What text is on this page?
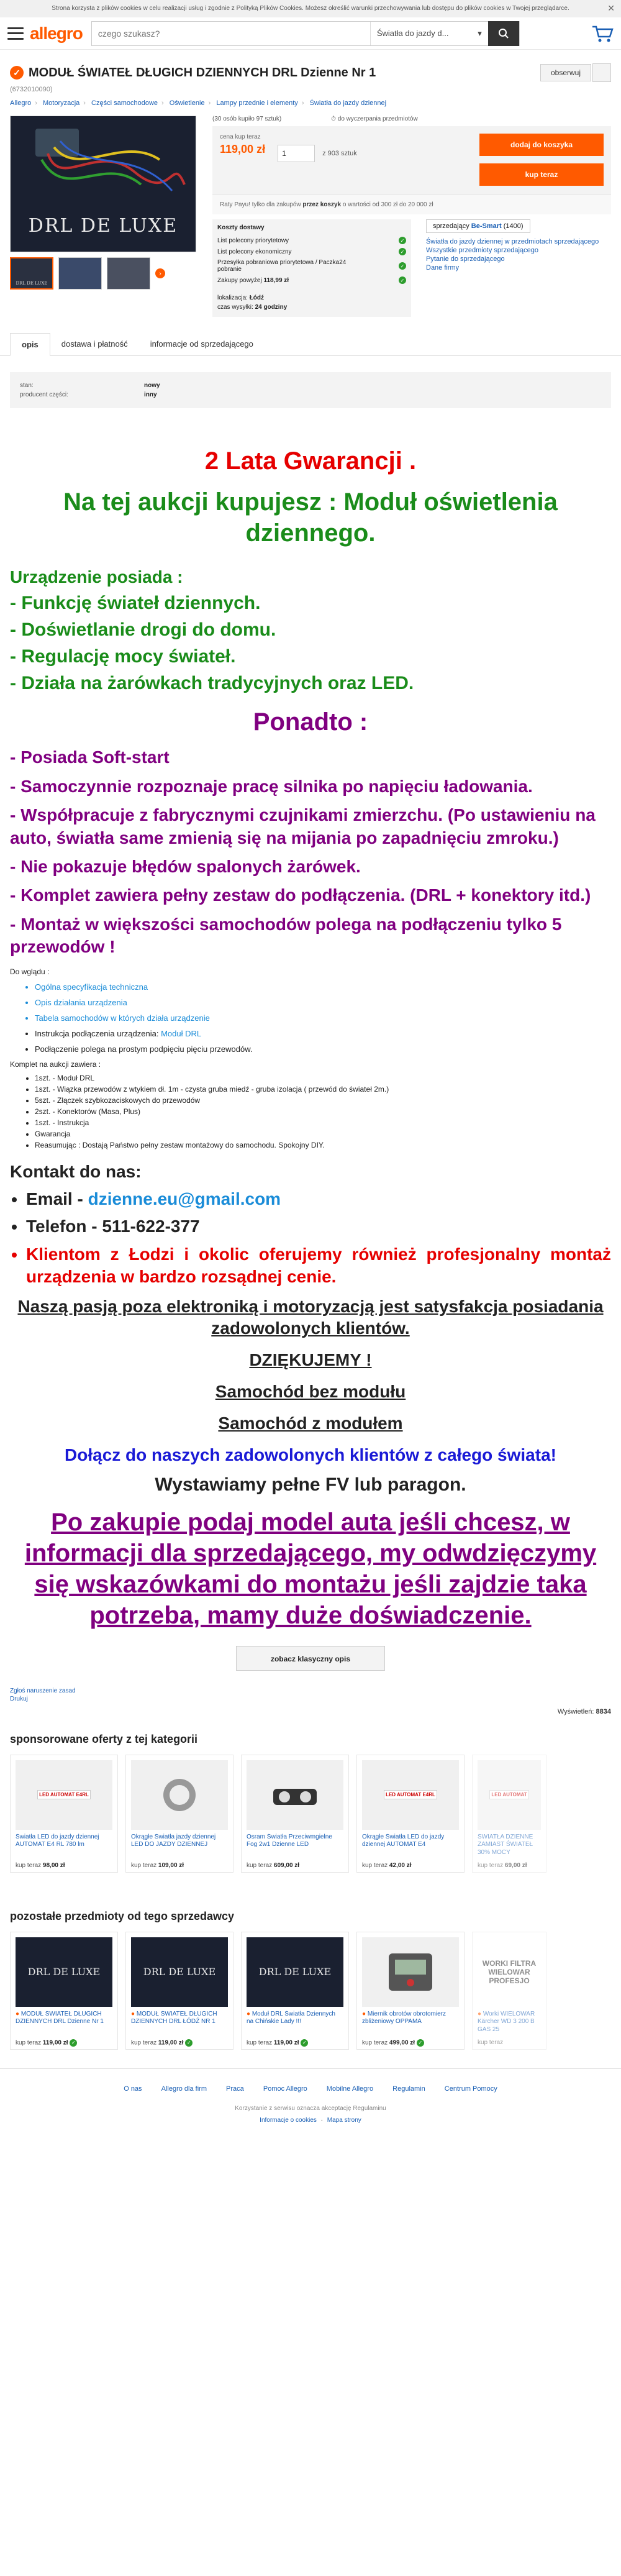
Strona korzysta z plików cookies w celu realizacji usług i zgodnie z Polityką Plików Cookies. Możesz określić warunki przechowywania lub dostępu do plików cookies w Twojej przeglądarce.	✕
allegro
czego szukasz?	Światła do jazdy d...	▾
✓ MODUŁ ŚWIATEŁ DŁUGICH DZIENNYCH DRL Dzienne Nr 1	obserwuj
(6732010090)
Allegro › Motoryzacja › Części samochodowe › Oświetlenie › Lampy przednie i elementy › Światła do jazdy dziennej
DRL DE LUXE
DRL DE LUXE
›
(30 osób kupiło 97 sztuk)	⏱ do wyczerpania przedmiotów
cena kup teraz
119,00 zł	1	z 903 sztuk
dodaj do koszyka
kup teraz
Raty Payu! tylko dla zakupów przez koszyk o wartości od 300 zł do 20 000 zł
Koszty dostawy
List polecony priorytetowy	✓
List polecony ekonomiczny	✓
Przesyłka pobraniowa priorytetowa / Paczka24 pobranie	✓
Zakupy powyżej 118,99 zł	✓
lokalizacja: Łódź
czas wysyłki: 24 godziny
sprzedający Be-Smart (1400)
Światła do jazdy dziennej w przedmiotach sprzedającego
Wszystkie przedmioty sprzedającego
Pytanie do sprzedającego
Dane firmy
opis	dostawa i płatność	informacje od sprzedającego
stan:	nowy
producent części:	inny
2 Lata Gwarancji .
Na tej aukcji kupujesz : Moduł oświetlenia dziennego.
Urządzenie posiada :
- Funkcję świateł dziennych.
- Doświetlanie drogi do domu.
- Regulację mocy świateł.
- Działa na żarówkach tradycyjnych oraz LED.
Ponadto :
- Posiada Soft-start
- Samoczynnie rozpoznaje pracę silnika po napięciu ładowania.
- Współpracuje z fabrycznymi czujnikami zmierzchu. (Po ustawieniu na auto, światła same zmienią się na mijania po zapadnięciu zmroku.)
- Nie pokazuje błędów spalonych żarówek.
- Komplet zawiera pełny zestaw do podłączenia. (DRL + konektory itd.)
- Montaż w większości samochodów polega na podłączeniu tylko 5 przewodów !
Do wglądu :
• Ogólna specyfikacja techniczna
• Opis działania urządzenia
• Tabela samochodów w których działa urządzenie
• Instrukcja podłączenia urządzenia: Moduł DRL
• Podłączenie polega na prostym podpięciu pięciu przewodów.
Komplet na aukcji zawiera :
• 1szt. - Moduł DRL
• 1szt. - Wiązka przewodów z wtykiem dł. 1m - czysta gruba miedź - gruba izolacja ( przewód do świateł 2m.)
• 5szt. - Złączek szybkozaciskowych do przewodów
• 2szt. - Konektorów (Masa, Plus)
• 1szt. - Instrukcja
• Gwarancja
• Reasumując : Dostają Państwo pełny zestaw montażowy do samochodu. Spokojny DIY.
Kontakt do nas:
• Email - dzienne.eu@gmail.com
• Telefon - 511-622-377
• Klientom z Łodzi i okolic oferujemy również profesjonalny montaż urządzenia w bardzo rozsądnej cenie.
Naszą pasją poza elektroniką i motoryzacją jest satysfakcja posiadania zadowolonych klientów.
DZIĘKUJEMY !
Samochód bez modułu
Samochód z modułem
Dołącz do naszych zadowolonych klientów z całego świata!
Wystawiamy pełne FV lub paragon.
Po zakupie podaj model auta jeśli chcesz, w informacji dla sprzedającego, my odwdzięczymy się wskazówkami do montażu jeśli zajdzie taka potrzeba, mamy duże doświadczenie.
zobacz klasyczny opis
Zgłoś naruszenie zasad
Drukuj
Wyświetleń: 8834
sponsorowane oferty z tej kategorii
LED AUTOMAT E4RL
Światła LED do jazdy dziennej AUTOMAT E4 RL 780 lm
kup teraz 98,00 zł
Okrągłe Światła jazdy dziennej LED DO JAZDY DZIENNEJ
kup teraz 109,00 zł
Osram Światła Przeciwmgielne Fog 2w1 Dzienne LED
kup teraz 609,00 zł
LED AUTOMAT E4RL
Okrągłe Światła LED do jazdy dziennej AUTOMAT E4
kup teraz 42,00 zł
LED AUTOMAT
ŚWIATŁA DZIENNE ZAMIAST ŚWIATEŁ 30% MOCY
kup teraz 69,00 zł
pozostałe przedmioty od tego sprzedawcy
DRL DE LUXE
● MODUŁ ŚWIATEŁ DŁUGICH DZIENNYCH DRL Dzienne Nr 1
kup teraz 119,00 zł ✓
DRL DE LUXE
● MODUŁ ŚWIATEŁ DŁUGICH DZIENNYCH DRL ŁÓDŹ NR 1
kup teraz 119,00 zł ✓
DRL DE LUXE
● Moduł DRL Światła Dziennych na Chińskie Lady !!!
kup teraz 119,00 zł ✓
● Miernik obrotów obrotomierz zbliżeniowy OPPAMA
kup teraz 499,00 zł ✓
WORKI FILTRA WIELOWAR PROFESJO
● Worki WIELOWAR Kärcher WD 3 200 B GAS 25
kup teraz
O nas	Allegro dla firm	Praca	Pomoc Allegro	Mobilne Allegro	Regulamin	Centrum Pomocy
Korzystanie z serwisu oznacza akceptację Regulaminu
Informacje o cookies · Mapa strony
